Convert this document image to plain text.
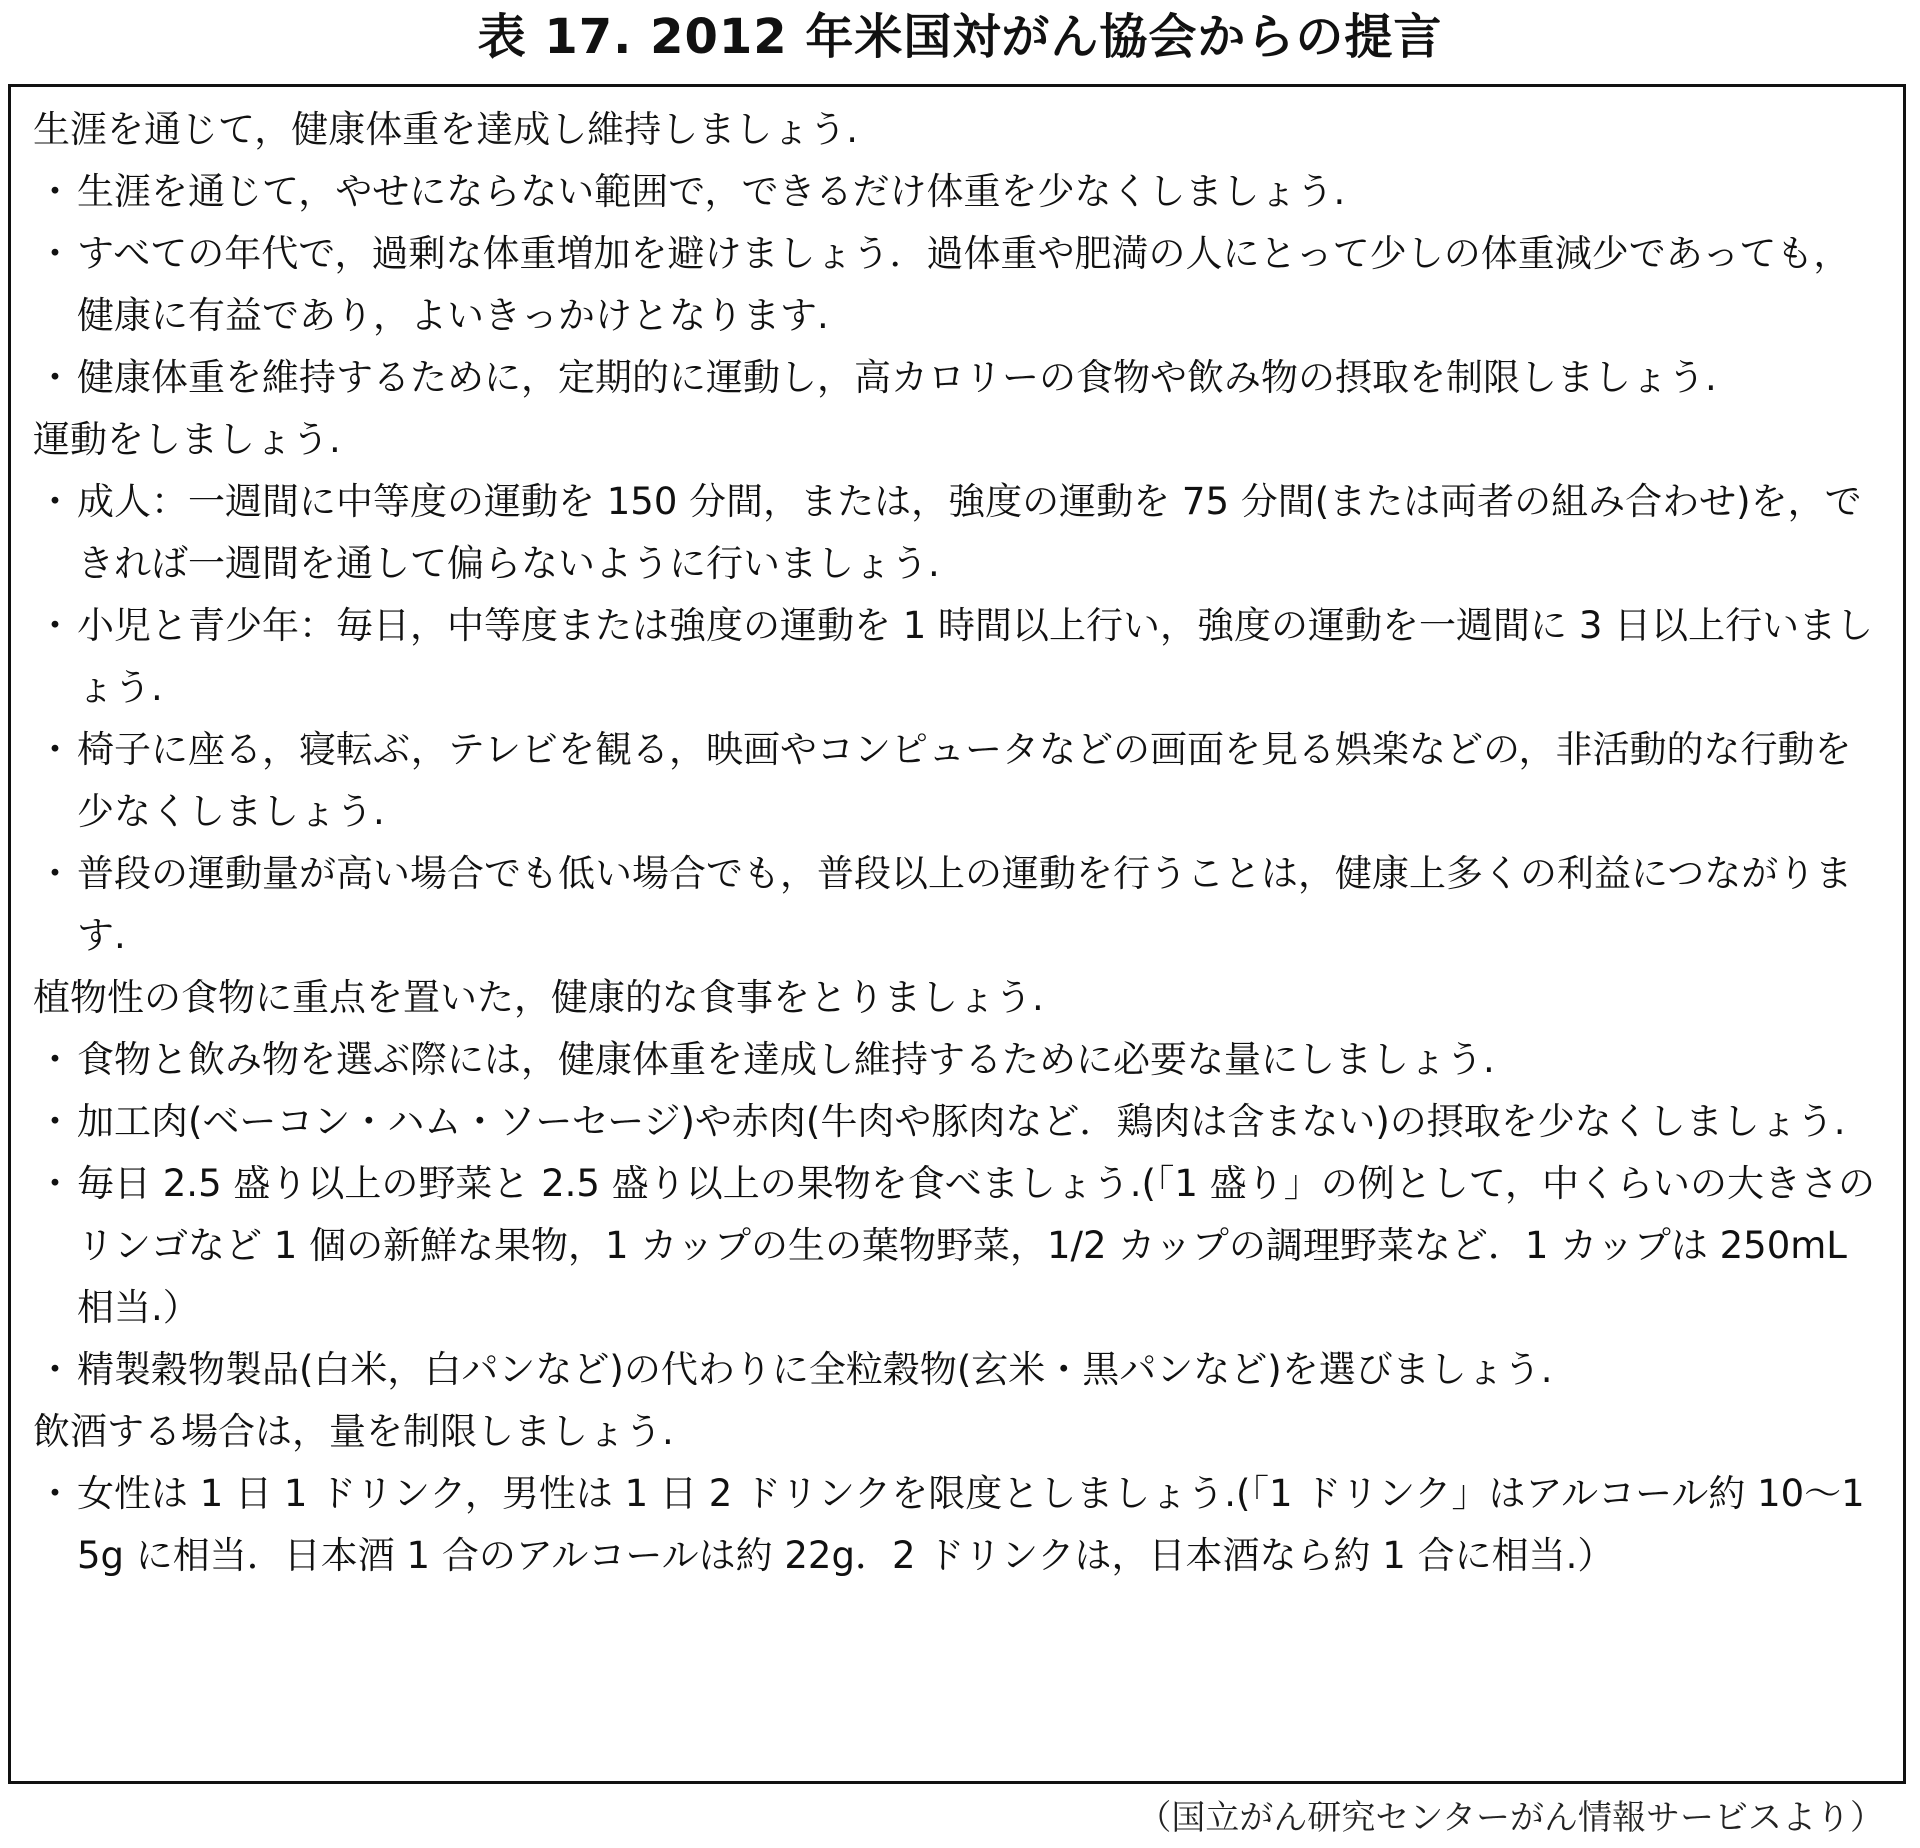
表 17. 2012 年米国対がん協会からの提言
生涯を通じて，健康体重を達成し維持しましょう.
・ 生涯を通じて，やせにならない範囲で，できるだけ体重を少なくしましょう.
・ すべての年代で，過剰な体重増加を避けましょう．過体重や肥満の人にとって少しの体重減少であっても，健康に有益であり，よいきっかけとなります.
・ 健康体重を維持するために，定期的に運動し，高カロリーの食物や飲み物の摂取を制限しましょう.
運動をしましょう.
・ 成人：一週間に中等度の運動を 150 分間，または，強度の運動を 75 分間(または両者の組み合わせ)を，できれば一週間を通して偏らないように行いましょう.
・ 小児と青少年：毎日，中等度または強度の運動を 1 時間以上行い，強度の運動を一週間に 3 日以上行いましょう.
・ 椅子に座る，寝転ぶ，テレビを観る，映画やコンピュータなどの画面を見る娯楽などの，非活動的な行動を少なくしましょう.
・ 普段の運動量が高い場合でも低い場合でも，普段以上の運動を行うことは，健康上多くの利益につながります.
植物性の食物に重点を置いた，健康的な食事をとりましょう.
・ 食物と飲み物を選ぶ際には，健康体重を達成し維持するために必要な量にしましょう.
・ 加工肉(ベーコン・ハム・ソーセージ)や赤肉(牛肉や豚肉など．鶏肉は含まない)の摂取を少なくしましょう.
・ 毎日 2.5 盛り以上の野菜と 2.5 盛り以上の果物を食べましょう.(「1 盛り」の例として，中くらいの大きさのリンゴなど 1 個の新鮮な果物，1 カップの生の葉物野菜，1/2 カップの調理野菜など．1 カップは 250mL 相当.）
・ 精製穀物製品(白米，白パンなど)の代わりに全粒穀物(玄米・黒パンなど)を選びましょう.
飲酒する場合は，量を制限しましょう.
・ 女性は 1 日 1 ドリンク，男性は 1 日 2 ドリンクを限度としましょう.(「1 ドリンク」はアルコール約 10～15g に相当．日本酒 1 合のアルコールは約 22g．2 ドリンクは，日本酒なら約 1 合に相当.）
（国立がん研究センターがん情報サービスより）
